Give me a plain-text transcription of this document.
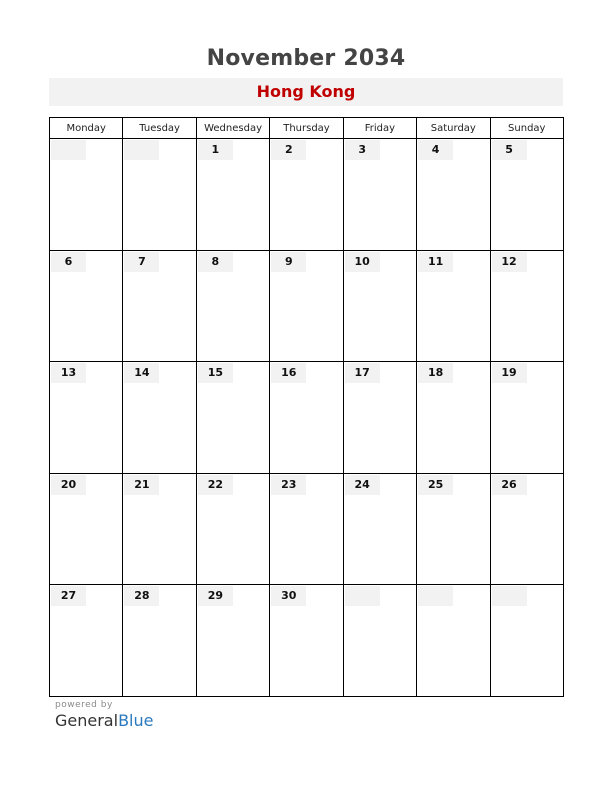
November 2034
Hong Kong
Monday	Tuesday	Wednesday	Thursday	Friday	Saturday	Sunday

		1	2	3	4	5

6	7	8	9	10	11	12

13	14	15	16	17	18	19

20	21	22	23	24	25	26

27	28	29	30			

powered by
GeneralBlue
